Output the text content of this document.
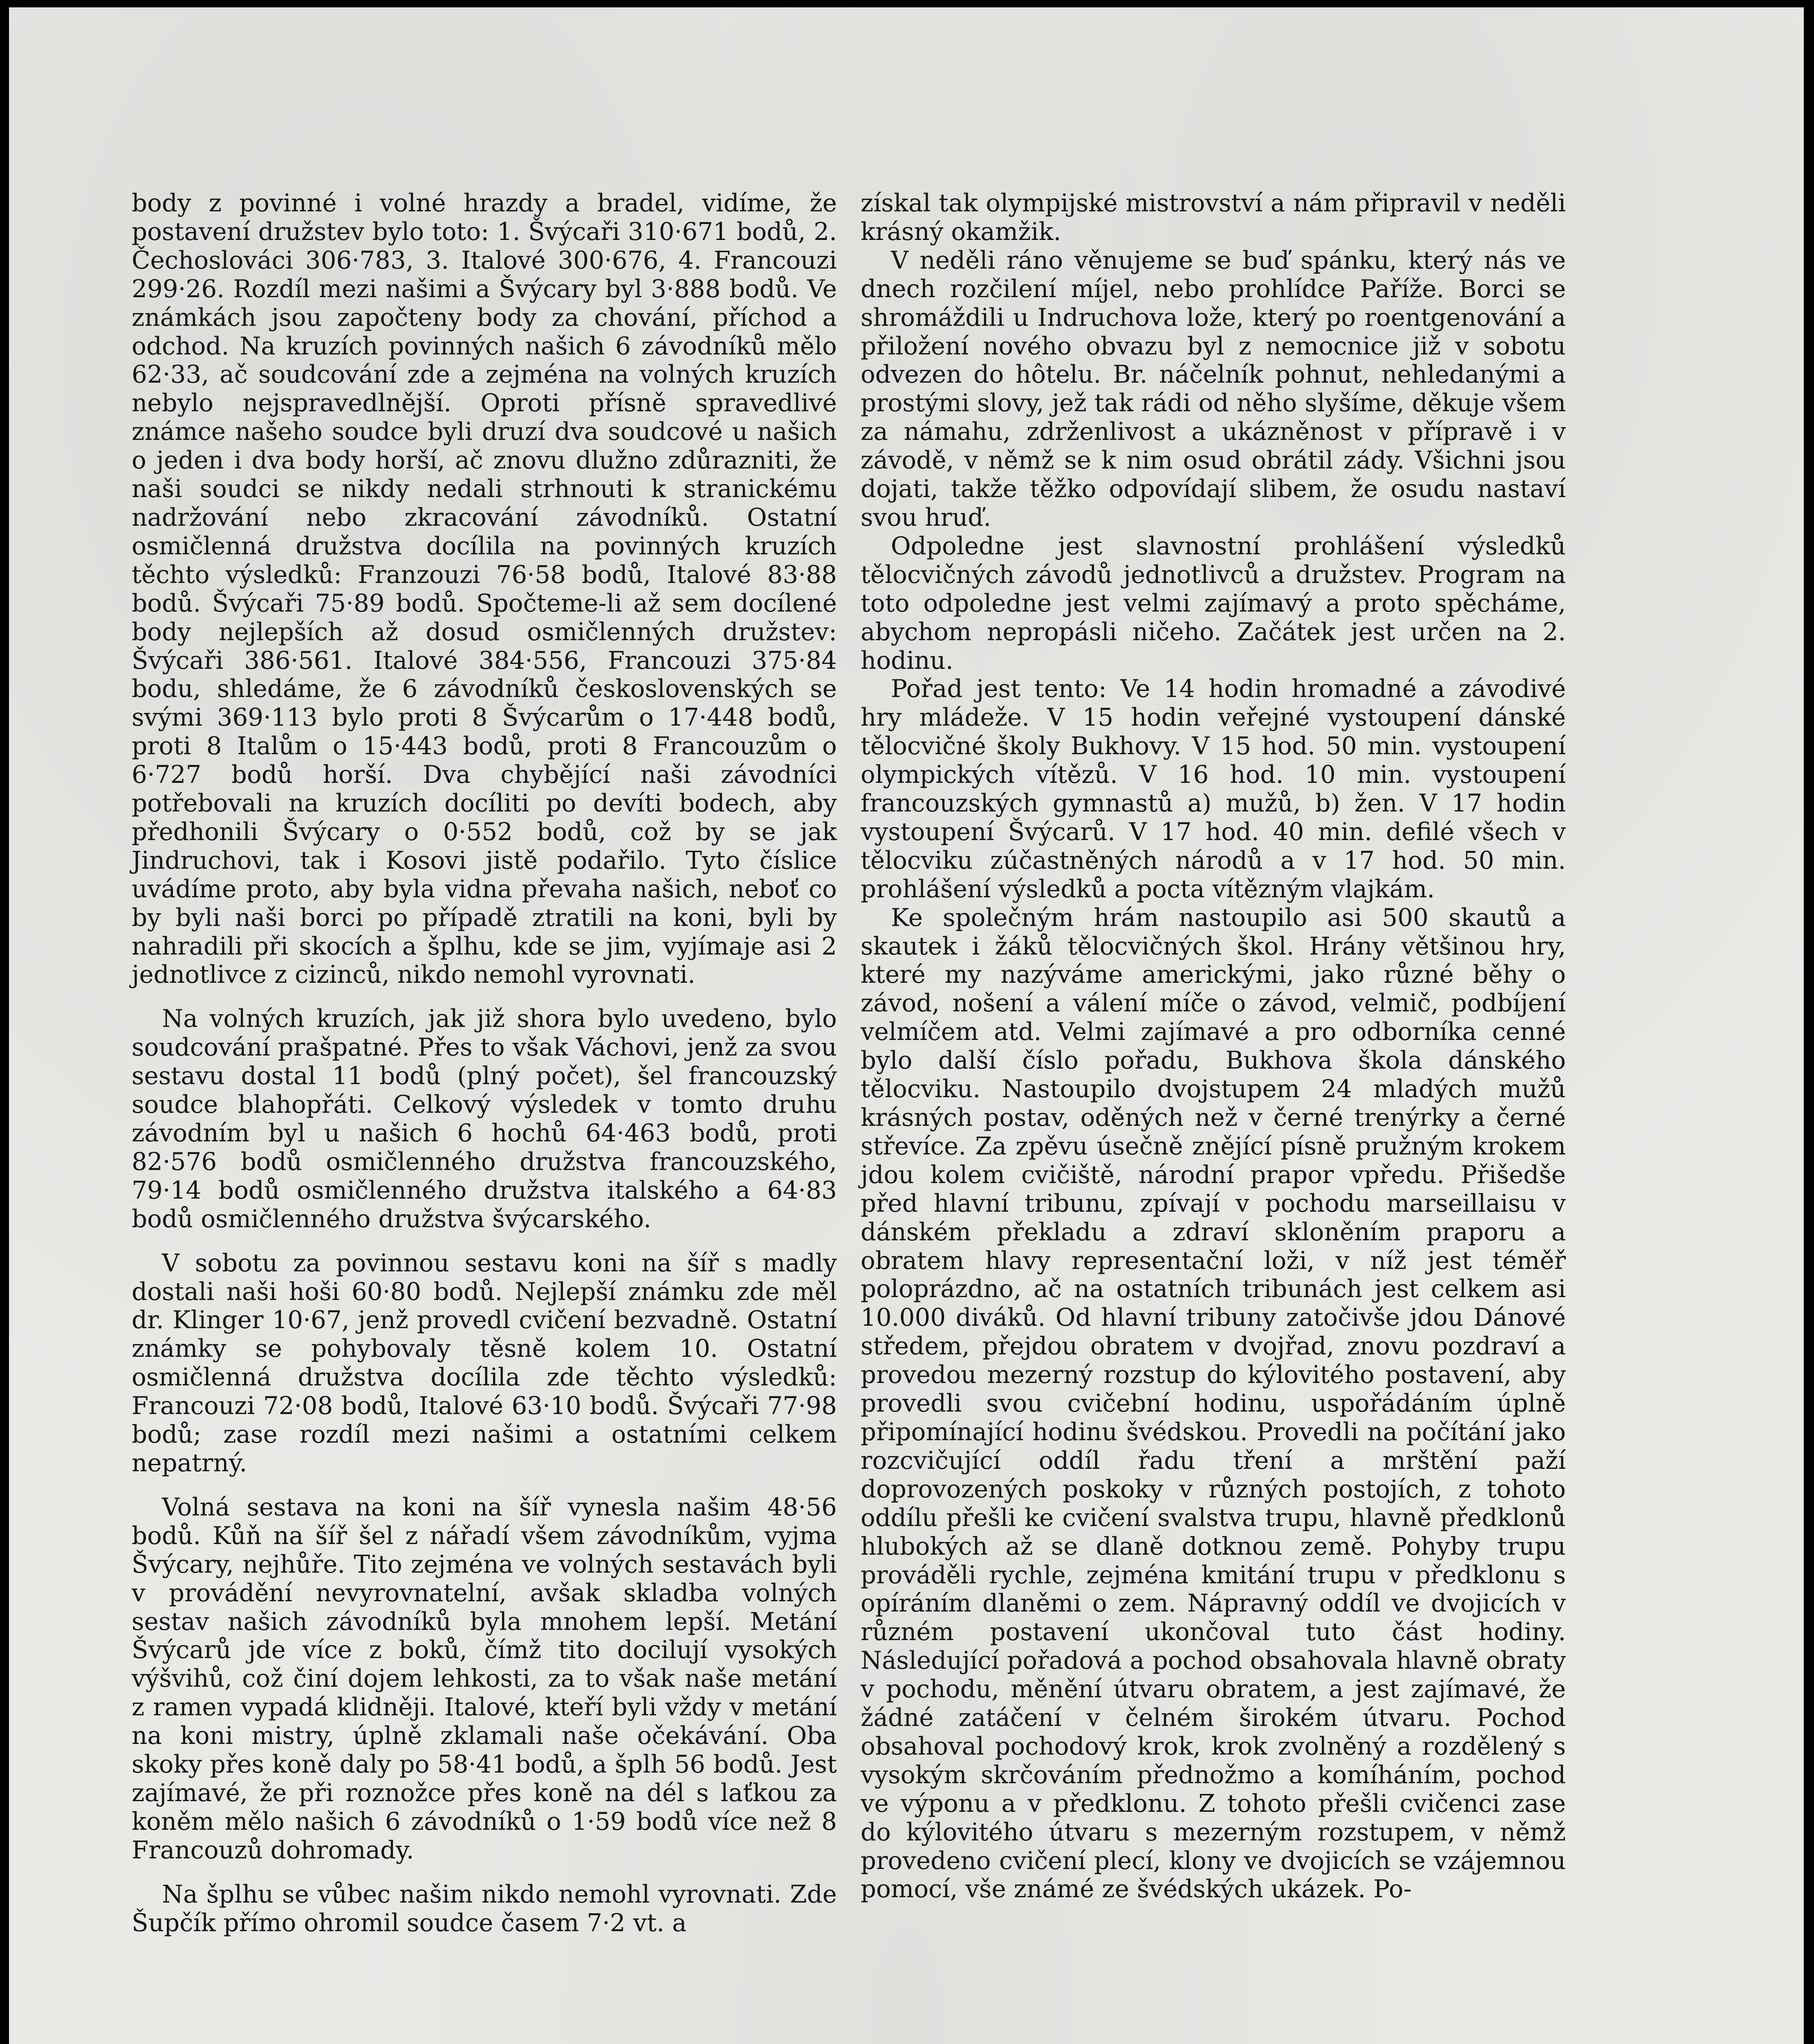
body z povinné i volné hrazdy a bradel, vidíme, že postavení družstev bylo toto: 1. Švýcaři 310·671 bodů, 2. Čechoslováci 306·783, 3. Italové 300·676, 4. Francouzi 299·26. Rozdíl mezi našimi a Švýcary byl 3·888 bodů. Ve známkách jsou započteny body za chování, příchod a odchod. Na kruzích povinných našich 6 závodníků mělo 62·33, ač soudcování zde a zejména na volných kruzích nebylo nejspravedlnější. Oproti přísně spravedlivé známce našeho soudce byli druzí dva soudcové u našich o jeden i dva body horší, ač znovu dlužno zdůrazniti, že naši soudci se nikdy nedali strhnouti k stranickému nadržování nebo zkracování závodníků. Ostatní osmičlenná družstva docílila na povinných kruzích těchto výsledků: Franzouzi 76·58 bodů, Italové 83·88 bodů. Švýcaři 75·89 bodů. Spočteme-li až sem docílené body nejlepších až dosud osmičlenných družstev: Švýcaři 386·561. Italové 384·556, Francouzi 375·84 bodu, shledáme, že 6 závodníků československých se svými 369·113 bylo proti 8 Švýcarům o 17·448 bodů, proti 8 Italům o 15·443 bodů, proti 8 Francouzům o 6·727 bodů horší. Dva chybějící naši závodníci potřebovali na kruzích docíliti po devíti bodech, aby předhonili Švýcary o 0·552 bodů, což by se jak Jindruchovi, tak i Kosovi jistě podařilo. Tyto číslice uvádíme proto, aby byla vidna převaha našich, neboť co by byli naši borci po případě ztratili na koni, byli by nahradili při skocích a šplhu, kde se jim, vyjímaje asi 2 jednotlivce z cizinců, nikdo nemohl vyrovnati.

Na volných kruzích, jak již shora bylo uvedeno, bylo soudcování prašpatné. Přes to však Váchovi, jenž za svou sestavu dostal 11 bodů (plný počet), šel francouzský soudce blahopřáti. Celkový výsledek v tomto druhu závodním byl u našich 6 hochů 64·463 bodů, proti 82·576 bodů osmičlenného družstva francouzského, 79·14 bodů osmičlenného družstva italského a 64·83 bodů osmičlenného družstva švýcarského.

V sobotu za povinnou sestavu koni na šíř s madly dostali naši hoši 60·80 bodů. Nejlepší známku zde měl dr. Klinger 10·67, jenž provedl cvičení bezvadně. Ostatní známky se pohybovaly těsně kolem 10. Ostatní osmičlenná družstva docílila zde těchto výsledků: Francouzi 72·08 bodů, Italové 63·10 bodů. Švýcaři 77·98 bodů; zase rozdíl mezi našimi a ostatními celkem nepatrný.

Volná sestava na koni na šíř vynesla našim 48·56 bodů. Kůň na šíř šel z nářadí všem závodníkům, vyjma Švýcary, nejhůře. Tito zejména ve volných sestavách byli v provádění nevyrovnatelní, avšak skladba volných sestav našich závodníků byla mnohem lepší. Metání Švýcarů jde více z boků, čímž tito docilují vysokých výšvihů, což činí dojem lehkosti, za to však naše metání z ramen vypadá klidněji. Italové, kteří byli vždy v metání na koni mistry, úplně zklamali naše očekávání. Oba skoky přes koně daly po 58·41 bodů, a šplh 56 bodů. Jest zajímavé, že při roznožce přes koně na dél s laťkou za koněm mělo našich 6 závodníků o 1·59 bodů více než 8 Francouzů dohromady.

Na šplhu se vůbec našim nikdo nemohl vyrovnati. Zde Šupčík přímo ohromil soudce časem 7·2 vt. a

získal tak olympijské mistrovství a nám připravil v neděli krásný okamžik.

V neděli ráno věnujeme se buď spánku, který nás ve dnech rozčilení míjel, nebo prohlídce Paříže. Borci se shromáždili u Indruchova lože, který po roentgenování a přiložení nového obvazu byl z nemocnice již v sobotu odvezen do hôtelu. Br. náčelník pohnut, nehledanými a prostými slovy, jež tak rádi od něho slyšíme, děkuje všem za námahu, zdrženlivost a ukázněnost v přípravě i v závodě, v němž se k nim osud obrátil zády. Všichni jsou dojati, takže těžko odpovídají slibem, že osudu nastaví svou hruď.

Odpoledne jest slavnostní prohlášení výsledků tělocvičných závodů jednotlivců a družstev. Program na toto odpoledne jest velmi zajímavý a proto spěcháme, abychom nepropásli ničeho. Začátek jest určen na 2. hodinu.

Pořad jest tento: Ve 14 hodin hromadné a závodivé hry mládeže. V 15 hodin veřejné vystoupení dánské tělocvičné školy Bukhovy. V 15 hod. 50 min. vystoupení olympických vítězů. V 16 hod. 10 min. vystoupení francouzských gymnastů a) mužů, b) žen. V 17 hodin vystoupení Švýcarů. V 17 hod. 40 min. defilé všech v tělocviku zúčastněných národů a v 17 hod. 50 min. prohlášení výsledků a pocta vítězným vlajkám.

Ke společným hrám nastoupilo asi 500 skautů a skautek i žáků tělocvičných škol. Hrány většinou hry, které my nazýváme americkými, jako různé běhy o závod, nošení a válení míče o závod, velmič, podbíjení velmíčem atd. Velmi zajímavé a pro odborníka cenné bylo další číslo pořadu, Bukhova škola dánského tělocviku. Nastoupilo dvojstupem 24 mladých mužů krásných postav, oděných než v černé trenýrky a černé střevíce. Za zpěvu úsečně znějící písně pružným krokem jdou kolem cvičiště, národní prapor vpředu. Přišedše před hlavní tribunu, zpívají v pochodu marseillaisu v dánském překladu a zdraví skloněním praporu a obratem hlavy representační loži, v níž jest téměř poloprázdno, ač na ostatních tribunách jest celkem asi 10.000 diváků. Od hlavní tribuny zatočivše jdou Dánové středem, přejdou obratem v dvojřad, znovu pozdraví a provedou mezerný rozstup do kýlovitého postavení, aby provedli svou cvičební hodinu, uspořádáním úplně připomínající hodinu švédskou. Provedli na počítání jako rozcvičující oddíl řadu tření a mrštění paží doprovozených poskoky v různých postojích, z tohoto oddílu přešli ke cvičení svalstva trupu, hlavně předklonů hlubokých až se dlaně dotknou země. Pohyby trupu prováděli rychle, zejména kmitání trupu v předklonu s opíráním dlaněmi o zem. Nápravný oddíl ve dvojicích v různém postavení ukončoval tuto část hodiny. Následující pořadová a pochod obsahovala hlavně obraty v pochodu, měnění útvaru obratem, a jest zajímavé, že žádné zatáčení v čelném širokém útvaru. Pochod obsahoval pochodový krok, krok zvolněný a rozdělený s vysokým skrčováním přednožmo a komíháním, pochod ve výponu a v předklonu. Z tohoto přešli cvičenci zase do kýlovitého útvaru s mezerným rozstupem, v němž provedeno cvičení plecí, klony ve dvojicích se vzájemnou pomocí, vše známé ze švédských ukázek. Po-
